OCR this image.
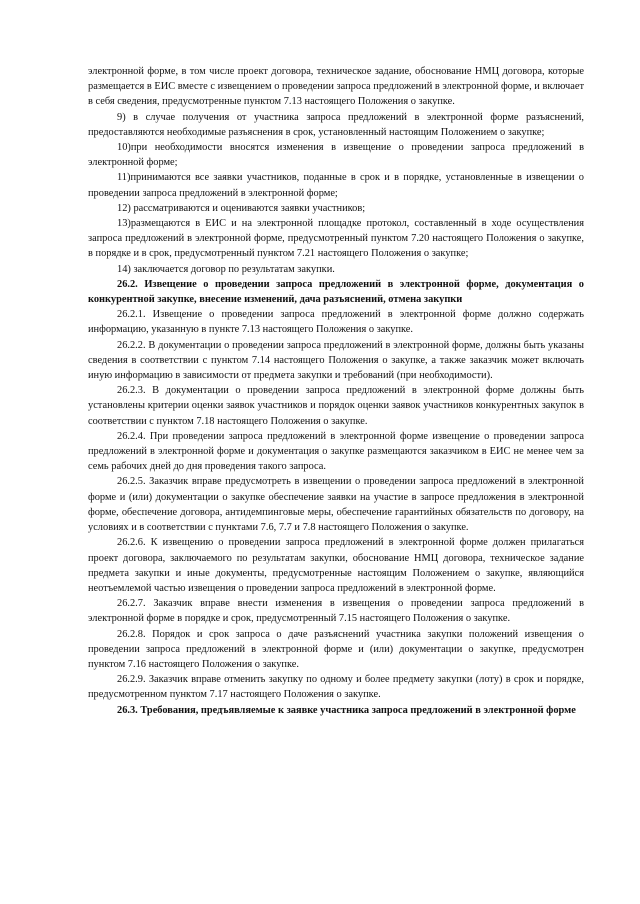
электронной форме, в том числе проект договора, техническое задание, обоснование НМЦ договора, которые размещается в ЕИС вместе с извещением о проведении запроса предложений в электронной форме, и включает в себя сведения, предусмотренные пунктом 7.13 настоящего Положения о закупке.

9) в случае получения от участника запроса предложений в электронной форме разъяснений, предоставляются необходимые разъяснения в срок, установленный настоящим Положением о закупке;

10)при необходимости вносятся изменения в извещение о проведении запроса предложений в электронной форме;

11)принимаются все заявки участников, поданные в срок и в порядке, установленные в извещении о проведении запроса предложений в электронной форме;

12) рассматриваются и оцениваются заявки участников;

13)размещаются в ЕИС и на электронной площадке протокол, составленный в ходе осуществления запроса предложений в электронной форме, предусмотренный пунктом 7.20 настоящего Положения о закупке, в порядке и в срок, предусмотренный пунктом 7.21 настоящего Положения о закупке;

14) заключается договор по результатам закупки.

26.2. Извещение о проведении запроса предложений в электронной форме, документация о конкурентной закупке, внесение изменений, дача разъяснений, отмена закупки

26.2.1. Извещение о проведении запроса предложений в электронной форме должно содержать информацию, указанную в пункте 7.13 настоящего Положения о закупке.

26.2.2. В документации о проведении запроса предложений в электронной форме, должны быть указаны сведения в соответствии с пунктом 7.14 настоящего Положения о закупке, а также заказчик может включать иную информацию в зависимости от предмета закупки и требований (при необходимости).

26.2.3. В документации о проведении запроса предложений в электронной форме должны быть установлены критерии оценки заявок участников и порядок оценки заявок участников конкурентных закупок в соответствии с пунктом 7.18 настоящего Положения о закупке.

26.2.4. При проведении запроса предложений в электронной форме извещение о проведении запроса предложений в электронной форме и документация о закупке размещаются заказчиком в ЕИС не менее чем за семь рабочих дней до дня проведения такого запроса.

26.2.5. Заказчик вправе предусмотреть в извещении о проведении запроса предложений в электронной форме и (или) документации о закупке обеспечение заявки на участие в запросе предложения в электронной форме, обеспечение договора, антидемпинговые меры, обеспечение гарантийных обязательств по договору, на условиях и в соответствии с пунктами 7.6, 7.7 и 7.8 настоящего Положения о закупке.

26.2.6. К извещению о проведении запроса предложений в электронной форме должен прилагаться проект договора, заключаемого по результатам закупки, обоснование НМЦ договора, техническое задание предмета закупки и иные документы, предусмотренные настоящим Положением о закупке, являющийся неотъемлемой частью извещения о проведении запроса предложений в электронной форме.

26.2.7. Заказчик вправе внести изменения в извещения о проведении запроса предложений в электронной форме в порядке и срок, предусмотренный 7.15 настоящего Положения о закупке.

26.2.8. Порядок и срок запроса о даче разъяснений участника закупки положений извещения о проведении запроса предложений в электронной форме и (или) документации о закупке, предусмотрен пунктом 7.16 настоящего Положения о закупке.

26.2.9. Заказчик вправе отменить закупку по одному и более предмету закупки (лоту) в срок и порядке, предусмотренном пунктом 7.17 настоящего Положения о закупке.

26.3. Требования, предъявляемые к заявке участника запроса предложений в электронной форме
